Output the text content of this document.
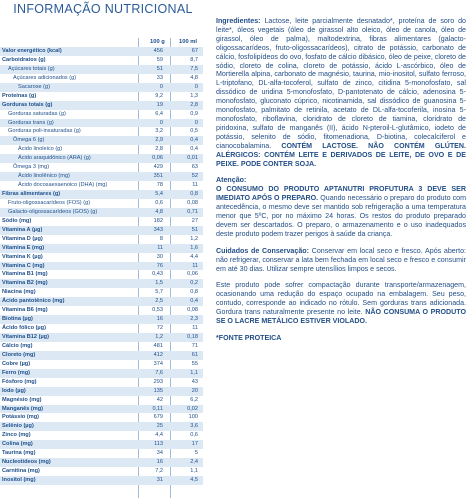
INFORMAÇÃO NUTRICIONAL
100 g 100 ml
Valor energético (kcal)	456	67
Carboidratos (g)	59	8,7
Açúcares totais (g)	51	7,5
Açúcares adicionados (g)	33	4,8
Sacarose (g)	0	0
Proteínas (g)	9,2	1,3
Gorduras totais (g)	19	2,8
Gorduras saturadas (g)	6,4	0,9
Gorduras trans (g)	0	0
Gorduras poli-insaturadas (g)	3,2	0,5
Ômega 6 (g)	2,9	0,4
Ácido linoleico (g)	2,8	0,4
Ácido araquidônico (ARA) (g)	0,06	0,01
Ômega 3 (mg)	429	63
Ácido linolênico (mg)	351	52
Ácido docosaexaenoico (DHA) (mg)	78	11
Fibras alimentares (g)	5,4	0,8
Fruto-oligossacarídeos (FOS) (g)	0,6	0,08
Galacto-oligossacarídeos (GOS) (g)	4,8	0,71
Sódio (mg)	182	27
Vitamina A (µg)	343	51
Vitamina D (µg)	8	1,2
Vitamina E (mg)	11	1,6
Vitamina K (µg)	30	4,4
Vitamina C (mg)	76	11
Vitamina B1 (mg)	0,43	0,06
Vitamina B2 (mg)	1,5	0,2
Niacina (mg)	5,7	0,8
Ácido pantotênico (mg)	2,5	0,4
Vitamina B6 (mg)	0,53	0,08
Biotina (µg)	16	2,3
Ácido fólico (µg)	72	11
Vitamina B12 (µg)	1,2	0,18
Cálcio (mg)	481	71
Cloreto (mg)	412	61
Cobre (µg)	374	55
Ferro (mg)	7,6	1,1
Fósforo (mg)	293	43
Iodo (µg)	135	20
Magnésio (mg)	42	6,2
Manganês (mg)	0,11	0,02
Potássio (mg)	679	100
Selênio (µg)	25	3,6
Zinco (mg)	4,4	0,6
Colina (mg)	113	17
Taurina (mg)	34	5
Nucleotídeos (mg)	16	2,4
Carnitina (mg)	7,2	1,1
Inositol (mg)	31	4,5

Ingredientes: Lactose, leite parcialmente desnatado*, proteína de soro do leite*, óleos vegetais (óleo de girassol alto oleico, óleo de canola, óleo de girassol, óleo de palma), maltodextrina, fibras alimentares (galacto-oligossacarídeos, fruto-oligossacarídeos), citrato de potássio, carbonato de cálcio, fosfolipídeos do ovo, fosfato de cálcio dibásico, óleo de peixe, cloreto de sódio, cloreto de colina, cloreto de potássio, ácido L-ascórbico, óleo de Mortierella alpina, carbonato de magnésio, taurina, mio-inositol, sulfato ferroso, L-triptofano, DL-alfa-tocoferol, sulfato de zinco, citidina 5-monofosfato, sal dissódico de uridina 5-monofosfato, D-pantotenato de cálcio, adenosina 5-monofosfato, gluconato cúprico, nicotinamida, sal dissódico de guanosina 5-monofosfato, palmitato de retinila, acetato de DL-alfa-tocoferila, inosina 5-monofosfato, riboflavina, cloridrato de cloreto de tiamina, cloridrato de piridoxina, sulfato de manganês (II), ácido N-pteroil-L-glutâmico, iodeto de potássio, selenito de sódio, fitomenadiona, D-biotina, colecalciferol e cianocobalamina. CONTÉM LACTOSE. NÃO CONTÉM GLÚTEN. ALÉRGICOS: CONTÉM LEITE E DERIVADOS DE LEITE, DE OVO E DE PEIXE. PODE CONTER SOJA.

Atenção:
O CONSUMO DO PRODUTO APTANUTRI PROFUTURA 3 DEVE SER IMEDIATO APÓS O PREPARO. Quando necessário o preparo do produto com antecedência, o mesmo deve ser mantido sob refrigeração a uma temperatura menor que 5ºC, por no máximo 24 horas. Os restos do produto preparado devem ser descartados. O preparo, o armazenamento e o uso inadequados deste produto podem trazer perigos à saúde da criança.

Cuidados de Conservação: Conservar em local seco e fresco. Após aberto: não refrigerar, conservar a lata bem fechada em local seco e fresco e consumir em até 30 dias. Utilizar sempre utensílios limpos e secos.

Este produto pode sofrer compactação durante transporte/armazenagem, ocasionando uma redução do espaço ocupado na embalagem. Seu peso, contudo, corresponde ao indicado no rótulo. Sem gorduras trans adicionada. Gordura trans naturalmente presente no leite. NÃO CONSUMA O PRODUTO SE O LACRE METÁLICO ESTIVER VIOLADO.

*FONTE PROTEICA
